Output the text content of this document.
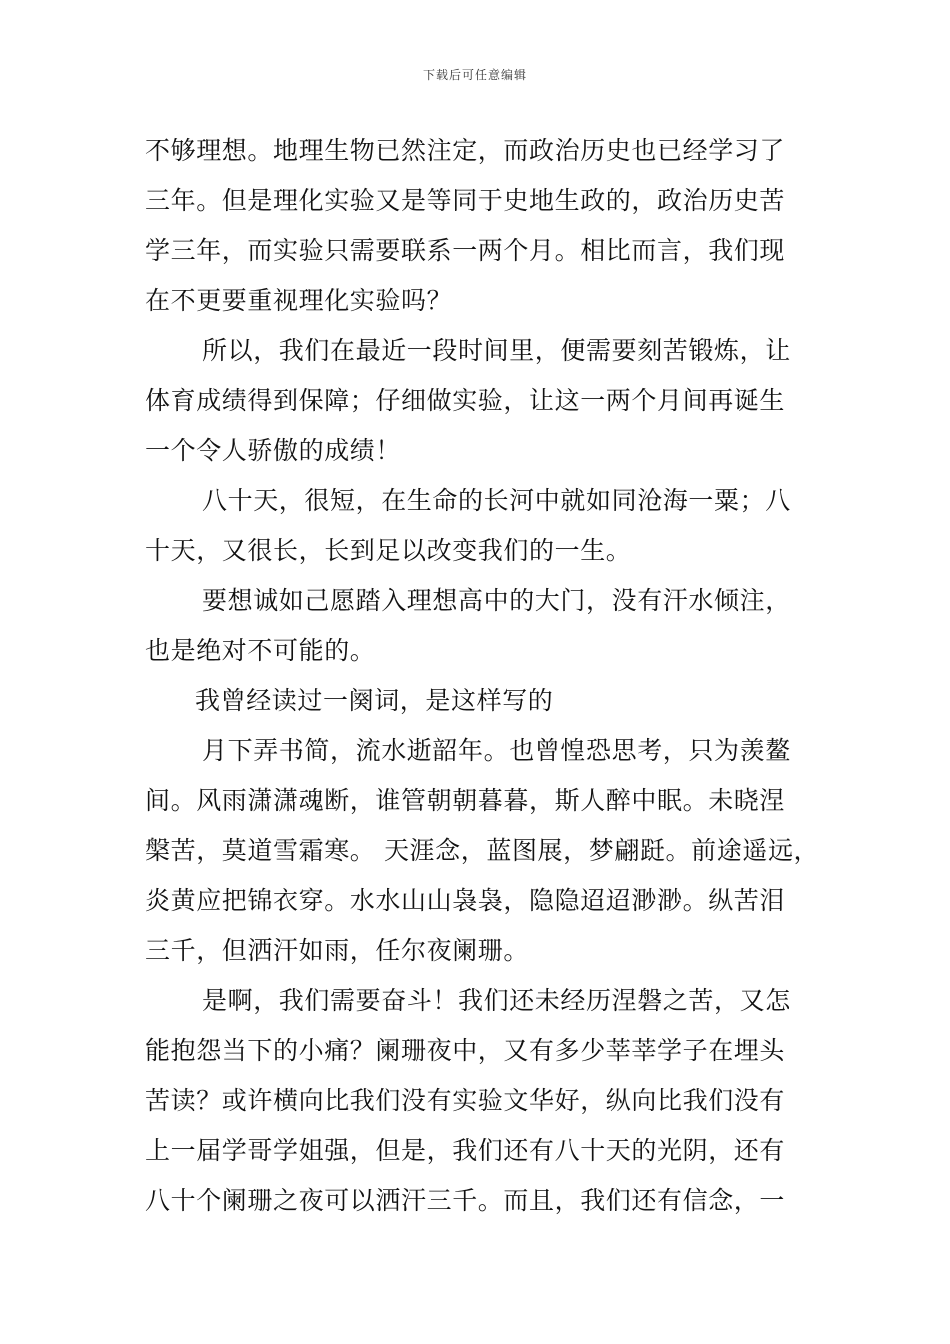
下载后可任意编辑
不够理想。地理生物已然注定，而政治历史也已经学习了
三年。但是理化实验又是等同于史地生政的，政治历史苦
学三年，而实验只需要联系一两个月。相比而言，我们现
在不更要重视理化实验吗？
所以，我们在最近一段时间里，便需要刻苦锻炼，让
体育成绩得到保障；仔细做实验，让这一两个月间再诞生
一个令人骄傲的成绩！
八十天，很短，在生命的长河中就如同沧海一粟；八
十天，又很长，长到足以改变我们的一生。
要想诚如己愿踏入理想高中的大门，没有汗水倾注，
也是绝对不可能的。
我曾经读过一阕词，是这样写的
月下弄书简，流水逝韶年。也曾惶恐思考，只为羡鳌
间。风雨潇潇魂断，谁管朝朝暮暮，斯人醉中眠。未晓涅
槃苦，莫道雪霜寒。 天涯念，蓝图展，梦翩跹。前途遥远，
炎黄应把锦衣穿。水水山山袅袅，隐隐迢迢渺渺。纵苦泪
三千，但洒汗如雨，任尔夜阑珊。
是啊，我们需要奋斗！我们还未经历涅磐之苦，又怎
能抱怨当下的小痛？阑珊夜中，又有多少莘莘学子在埋头
苦读？或许横向比我们没有实验文华好，纵向比我们没有
上一届学哥学姐强，但是，我们还有八十天的光阴，还有
八十个阑珊之夜可以洒汗三千。而且，我们还有信念，一
